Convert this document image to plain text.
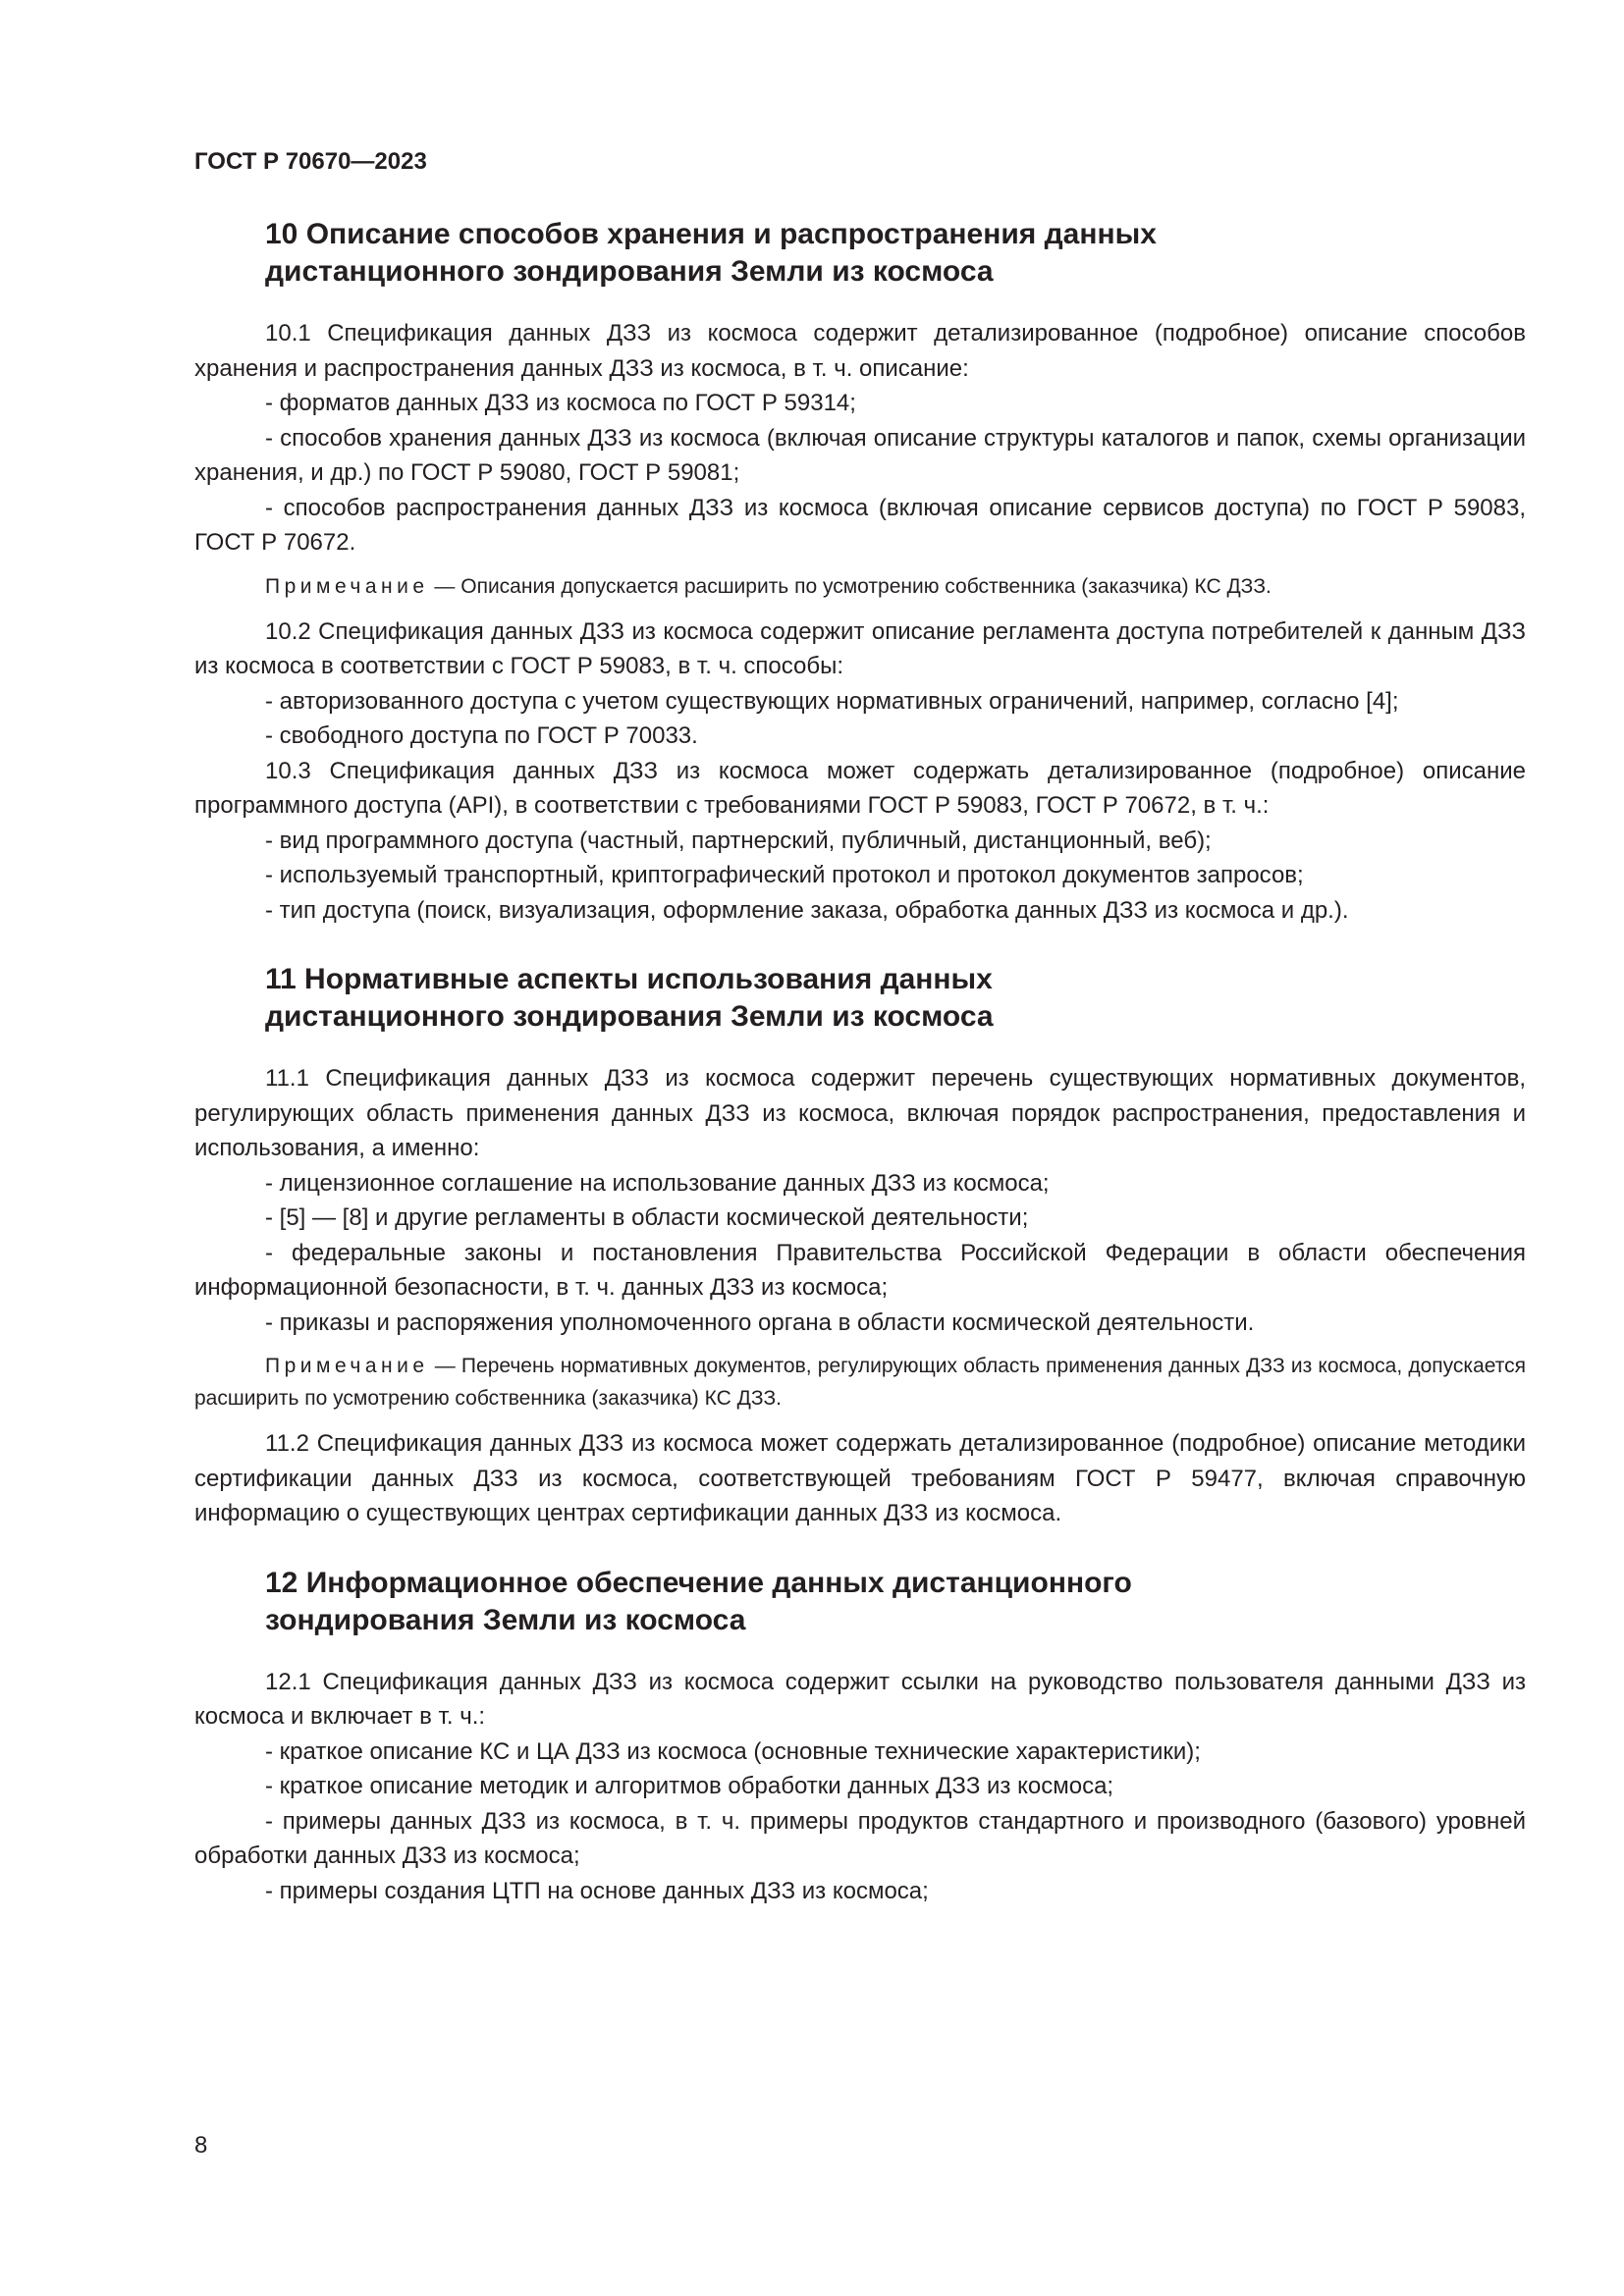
ГОСТ Р 70670—2023
10 Описание способов хранения и распространения данных
дистанционного зондирования Земли из космоса

10.1 Спецификация данных ДЗЗ из космоса содержит детализированное (подробное) описание способов хранения и распространения данных ДЗЗ из космоса, в т. ч. описание:

- форматов данных ДЗЗ из космоса по ГОСТ Р 59314;

- способов хранения данных ДЗЗ из космоса (включая описание структуры каталогов и папок, схемы организации хранения, и др.) по ГОСТ Р 59080, ГОСТ Р 59081;

- способов распространения данных ДЗЗ из космоса (включая описание сервисов доступа) по ГОСТ Р 59083, ГОСТ Р 70672.

Примечание — Описания допускается расширить по усмотрению собственника (заказчика) КС ДЗЗ.

10.2 Спецификация данных ДЗЗ из космоса содержит описание регламента доступа потребителей к данным ДЗЗ из космоса в соответствии с ГОСТ Р 59083, в т. ч. способы:

- авторизованного доступа с учетом существующих нормативных ограничений, например, согласно [4];

- свободного доступа по ГОСТ Р 70033.

10.3 Спецификация данных ДЗЗ из космоса может содержать детализированное (подробное) описание программного доступа (API), в соответствии с требованиями ГОСТ Р 59083, ГОСТ Р 70672, в т. ч.:

- вид программного доступа (частный, партнерский, публичный, дистанционный, веб);

- используемый транспортный, криптографический протокол и протокол документов запросов;

- тип доступа (поиск, визуализация, оформление заказа, обработка данных ДЗЗ из космоса и др.).

11 Нормативные аспекты использования данных
дистанционного зондирования Земли из космоса

11.1 Спецификация данных ДЗЗ из космоса содержит перечень существующих нормативных документов, регулирующих область применения данных ДЗЗ из космоса, включая порядок распространения, предоставления и использования, а именно:

- лицензионное соглашение на использование данных ДЗЗ из космоса;

- [5] — [8] и другие регламенты в области космической деятельности;

- федеральные законы и постановления Правительства Российской Федерации в области обеспечения информационной безопасности, в т. ч. данных ДЗЗ из космоса;

- приказы и распоряжения уполномоченного органа в области космической деятельности.

Примечание — Перечень нормативных документов, регулирующих область применения данных ДЗЗ из космоса, допускается расширить по усмотрению собственника (заказчика) КС ДЗЗ.

11.2 Спецификация данных ДЗЗ из космоса может содержать детализированное (подробное) описание методики сертификации данных ДЗЗ из космоса, соответствующей требованиям ГОСТ Р 59477, включая справочную информацию о существующих центрах сертификации данных ДЗЗ из космоса.

12 Информационное обеспечение данных дистанционного
зондирования Земли из космоса

12.1 Спецификация данных ДЗЗ из космоса содержит ссылки на руководство пользователя данными ДЗЗ из космоса и включает в т. ч.:

- краткое описание КС и ЦА ДЗЗ из космоса (основные технические характеристики);

- краткое описание методик и алгоритмов обработки данных ДЗЗ из космоса;

- примеры данных ДЗЗ из космоса, в т. ч. примеры продуктов стандартного и производного (базового) уровней обработки данных ДЗЗ из космоса;

- примеры создания ЦТП на основе данных ДЗЗ из космоса;

8
